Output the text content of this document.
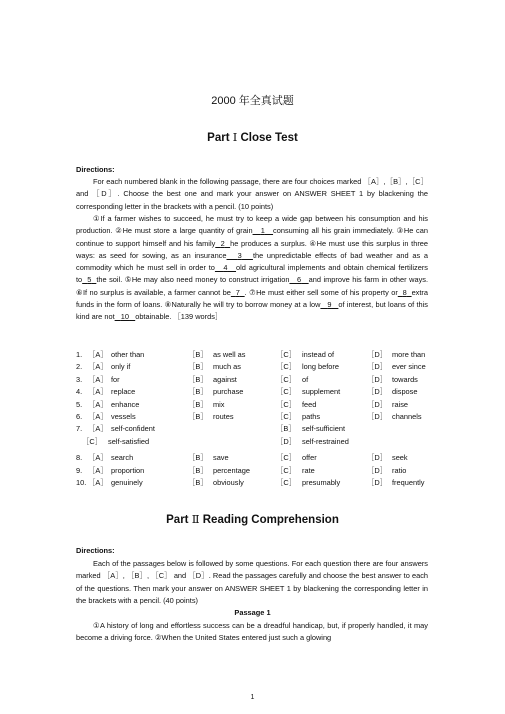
2000 年全真试题
Part Ⅰ Close Test
Directions:
For each numbered blank in the following passage, there are four choices marked ［A］,［B］,［C］ and ［D］. Choose the best one and mark your answer on ANSWER SHEET 1 by blackening the corresponding letter in the brackets with a pencil. (10 points)
①If a farmer wishes to succeed, he must try to keep a wide gap between his consumption and his production. ②He must store a large quantity of grain 1 consuming all his grain immediately. ③He can continue to support himself and his family 2 he produces a surplus. ④He must use this surplus in three ways: as seed for sowing, as an insurance 3 the unpredictable effects of bad weather and as a commodity which he must sell in order to 4 old agricultural implements and obtain chemical fertilizers to 5 the soil. ⑤He may also need money to construct irrigation 6 and improve his farm in other ways. ⑥If no surplus is available, a farmer cannot be 7 . ⑦He must either sell some of his property or 8 extra funds in the form of loans. ⑧Naturally he will try to borrow money at a low 9 of interest, but loans of this kind are not 10 obtainable. ［139 words］
1. ［A］ other than	［B］ as well as	［C］ instead of	［D］ more than
2. ［A］ only if	［B］ much as	［C］ long before	［D］ ever since
3. ［A］ for	［B］ against	［C］ of	［D］ towards
4. ［A］ replace	［B］ purchase	［C］ supplement	［D］ dispose
5. ［A］ enhance	［B］ mix	［C］ feed	［D］ raise
6. ［A］ vessels	［B］ routes	［C］ paths	［D］ channels
7. ［A］ self-confident	［B］ self-sufficient
［C］ self-satisfied	［D］ self-restrained
8. ［A］ search	［B］ save	［C］ offer	［D］ seek
9. ［A］ proportion	［B］ percentage	［C］ rate	［D］ ratio
10. ［A］ genuinely	［B］ obviously	［C］ presumably	［D］ frequently
Part Ⅱ Reading Comprehension
Directions:
Each of the passages below is followed by some questions. For each question there are four answers marked ［A］, ［B］, ［C］ and ［D］. Read the passages carefully and choose the best answer to each of the questions. Then mark your answer on ANSWER SHEET 1 by blackening the corresponding letter in the brackets with a pencil. (40 points)
Passage 1
①A history of long and effortless success can be a dreadful handicap, but, if properly handled, it may become a driving force. ②When the United States entered just such a glowing
1
